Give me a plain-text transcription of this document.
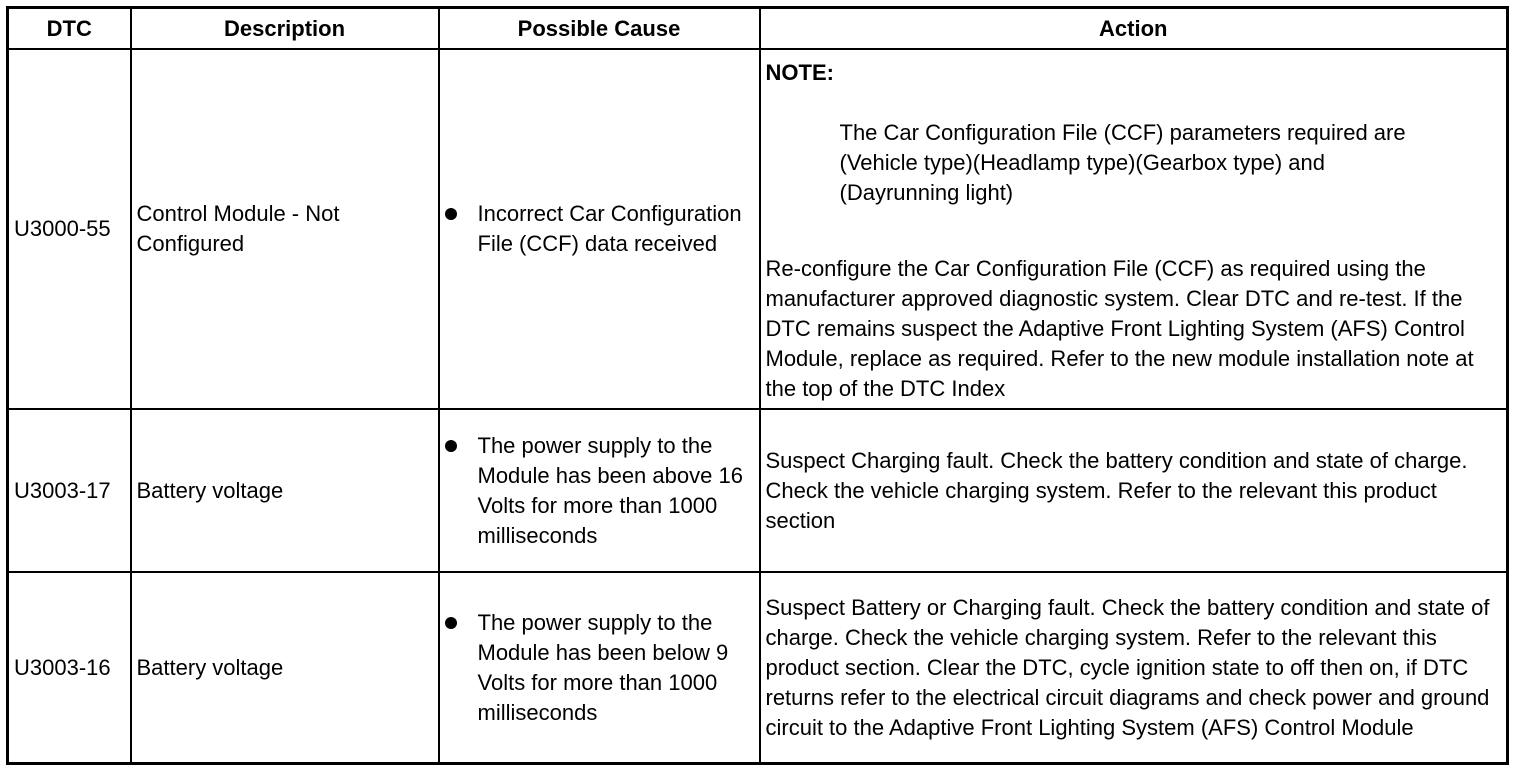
DTC	Description	Possible Cause	Action
U3000-55	Control Module - Not Configured	Incorrect Car Configuration File (CCF) data received	NOTE:
The Car Configuration File (CCF) parameters required are (Vehicle type)(Headlamp type)(Gearbox type) and (Dayrunning light)
Re-configure the Car Configuration File (CCF) as required using the manufacturer approved diagnostic system. Clear DTC and re-test. If the DTC remains suspect the Adaptive Front Lighting System (AFS) Control Module, replace as required. Refer to the new module installation note at the top of the DTC Index

U3003-17	Battery voltage	The power supply to the Module has been above 16 Volts for more than 1000 milliseconds	Suspect Charging fault. Check the battery condition and state of charge. Check the vehicle charging system. Refer to the relevant this product section

U3003-16	Battery voltage	The power supply to the Module has been below 9 Volts for more than 1000 milliseconds	Suspect Battery or Charging fault. Check the battery condition and state of charge. Check the vehicle charging system. Refer to the relevant this product section. Clear the DTC, cycle ignition state to off then on, if DTC returns refer to the electrical circuit diagrams and check power and ground circuit to the Adaptive Front Lighting System (AFS) Control Module
